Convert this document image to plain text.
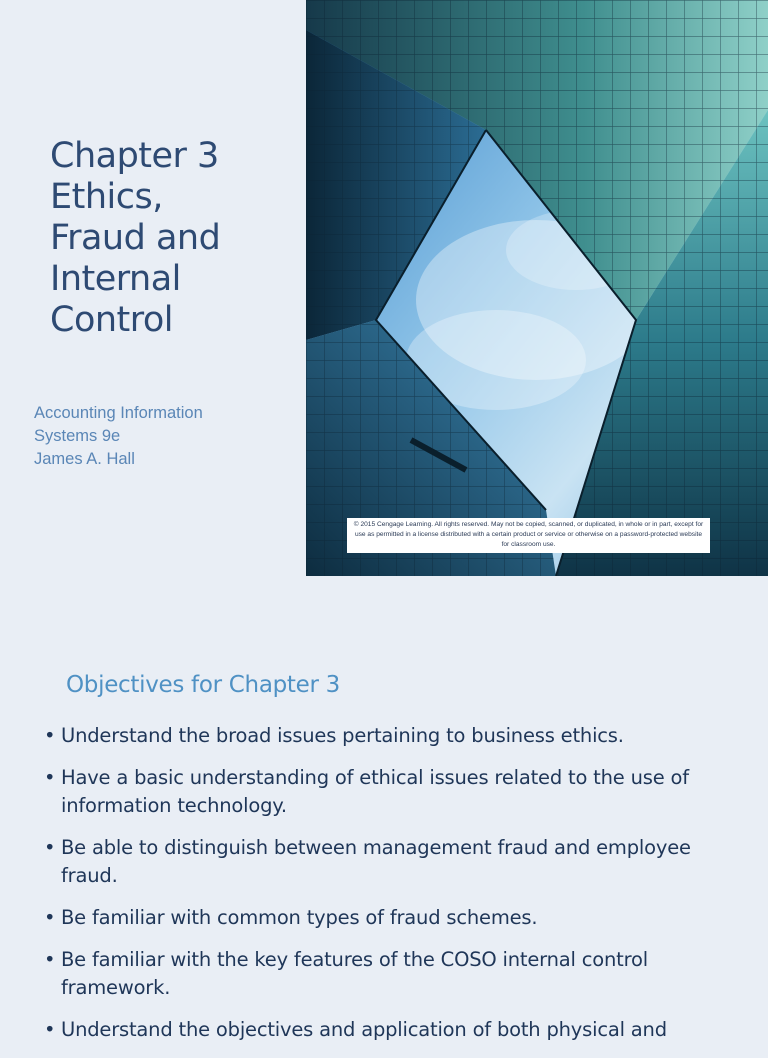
Chapter 3
Ethics,
Fraud and
Internal
Control
Accounting Information
Systems 9e
James A. Hall
© 2015 Cengage Learning. All rights reserved. May not be copied, scanned, or duplicated, in whole or in part, except for use as permitted in a license distributed with a certain product or service or otherwise on a password-protected website for classroom use.
Objectives for Chapter 3
• Understand the broad issues pertaining to business ethics.
• Have a basic understanding of ethical issues related to the use of information technology.
• Be able to distinguish between management fraud and employee fraud.
• Be familiar with common types of fraud schemes.
• Be familiar with the key features of the COSO internal control framework.
• Understand the objectives and application of both physical and
